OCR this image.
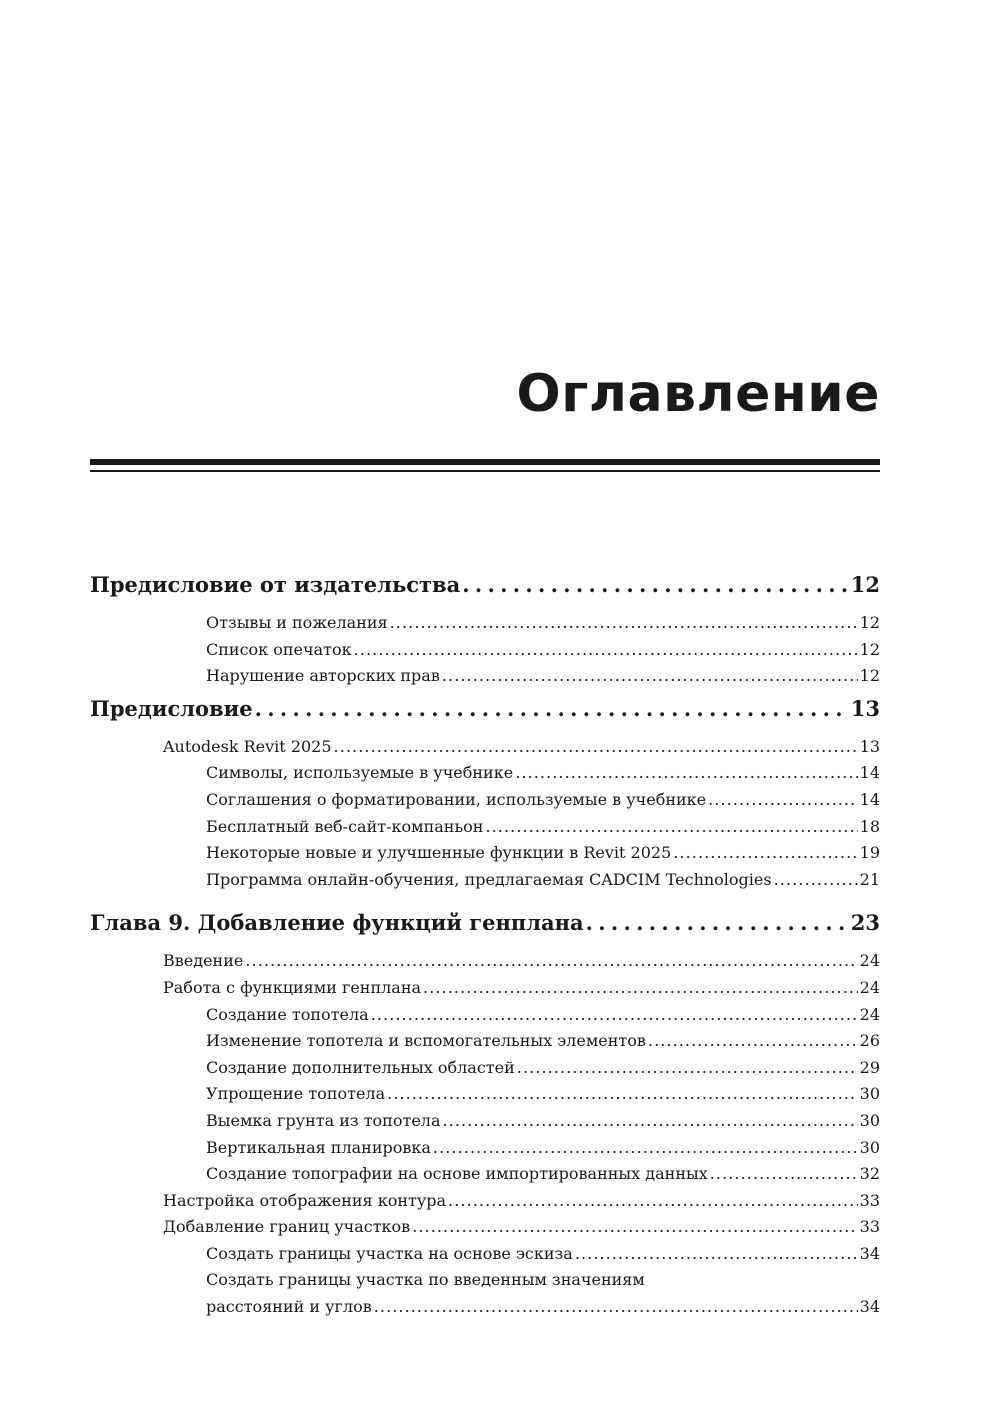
Оглавление
Предисловие от издательства . . .	12
Отзывы и пожелания . . .	12
Список опечаток . . .	12
Нарушение авторских прав . . .	12
Предисловие . . .	13
Autodesk Revit 2025 . . .	13
Символы, используемые в учебнике . . .	14
Соглашения о форматировании, используемые в учебнике . . .	14
Бесплатный веб-сайт-компаньон . . .	18
Некоторые новые и улучшенные функции в Revit 2025 . . .	19
Программа онлайн-обучения, предлагаемая CADCIM Technologies . . .	21
Глава 9. Добавление функций генплана . . .	23
Введение . . .	24
Работа с функциями генплана . . .	24
Создание топотела . . .	24
Изменение топотела и вспомогательных элементов . . .	26
Создание дополнительных областей . . .	29
Упрощение топотела . . .	30
Выемка грунта из топотела . . .	30
Вертикальная планировка . . .	30
Создание топографии на основе импортированных данных . . .	32
Настройка отображения контура . . .	33
Добавление границ участков . . .	33
Создать границы участка на основе эскиза . . .	34
Создать границы участка по введенным значениям
расстояний и углов . . .	34
